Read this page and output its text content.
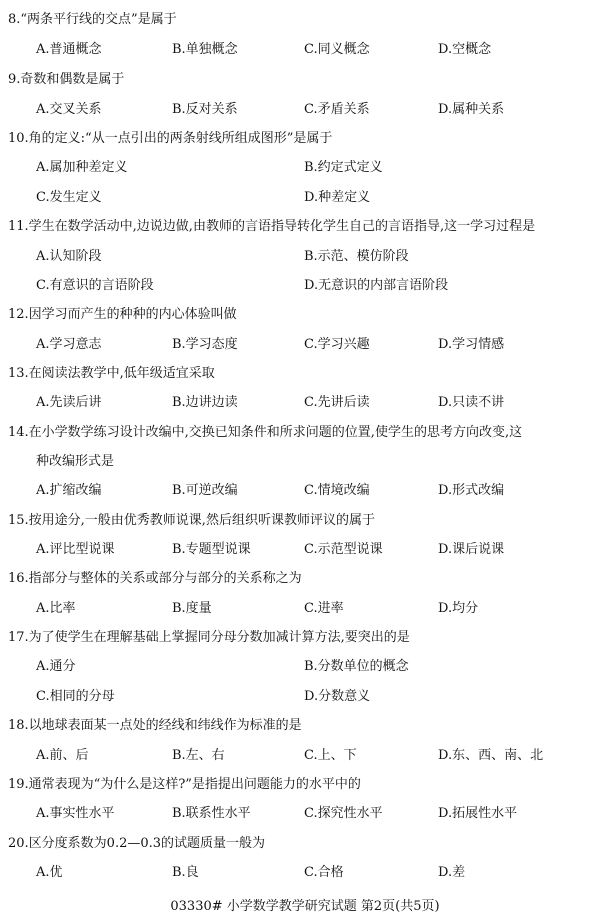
8.“两条平行线的交点”是属于
A.普通概念	B.单独概念	C.同义概念	D.空概念
9.奇数和偶数是属于
A.交叉关系	B.反对关系	C.矛盾关系	D.属种关系
10.角的定义:“从一点引出的两条射线所组成图形”是属于
A.属加种差定义	B.约定式定义
C.发生定义	D.种差定义
11.学生在数学活动中,边说边做,由教师的言语指导转化学生自己的言语指导,这一学习过程是
A.认知阶段	B.示范、模仿阶段
C.有意识的言语阶段	D.无意识的内部言语阶段
12.因学习而产生的种种的内心体验叫做
A.学习意志	B.学习态度	C.学习兴趣	D.学习情感
13.在阅读法教学中,低年级适宜采取
A.先读后讲	B.边讲边读	C.先讲后读	D.只读不讲
14.在小学数学练习设计改编中,交换已知条件和所求问题的位置,使学生的思考方向改变,这
种改编形式是
A.扩缩改编	B.可逆改编	C.情境改编	D.形式改编
15.按用途分,一般由优秀教师说课,然后组织听课教师评议的属于
A.评比型说课	B.专题型说课	C.示范型说课	D.课后说课
16.指部分与整体的关系或部分与部分的关系称之为
A.比率	B.度量	C.进率	D.均分
17.为了使学生在理解基础上掌握同分母分数加减计算方法,要突出的是
A.通分	B.分数单位的概念
C.相同的分母	D.分数意义
18.以地球表面某一点处的经线和纬线作为标准的是
A.前、后	B.左、右	C.上、下	D.东、西、南、北
19.通常表现为“为什么是这样?”是指提出问题能力的水平中的
A.事实性水平	B.联系性水平	C.探究性水平	D.拓展性水平
20.区分度系数为0.2—0.3的试题质量一般为
A.优	B.良	C.合格	D.差
03330# 小学数学教学研究试题 第2页(共5页)
